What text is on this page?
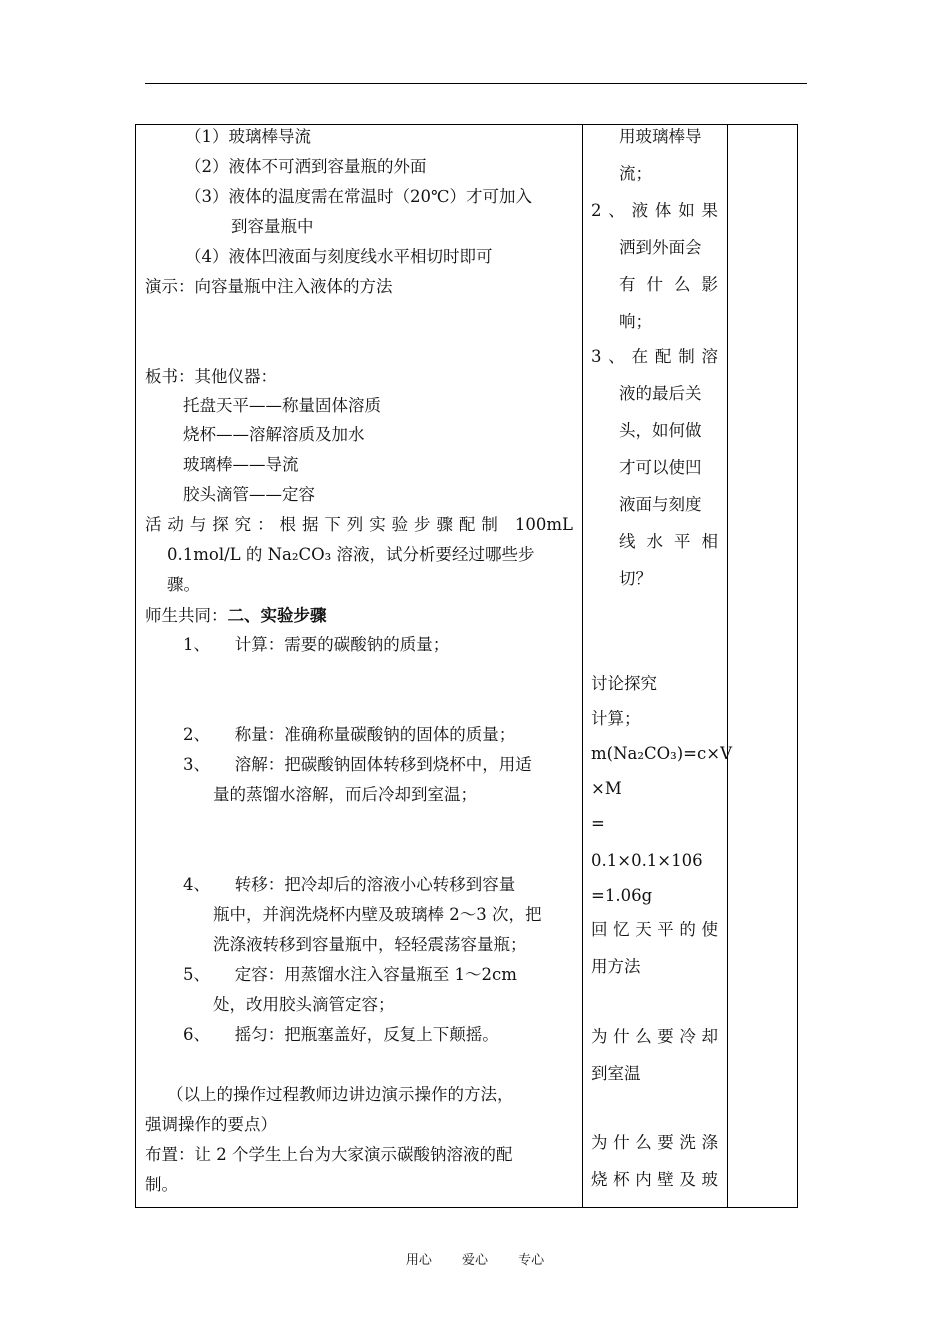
（1）玻璃棒导流
（2）液体不可洒到容量瓶的外面
（3）液体的温度需在常温时（20℃）才可加入
到容量瓶中
（4）液体凹液面与刻度线水平相切时即可
演示：向容量瓶中注入液体的方法
板书：其他仪器：
托盘天平——称量固体溶质
烧杯——溶解溶质及加水
玻璃棒——导流
胶头滴管——定容
活动与探究：根据下列实验步骤配制 100mL
0.1mol/L 的 Na₂CO₃ 溶液，试分析要经过哪些步
骤。
师生共同：二、实验步骤
1、　　计算：需要的碳酸钠的质量；
2、　　称量：准确称量碳酸钠的固体的质量；
3、　　溶解：把碳酸钠固体转移到烧杯中，用适
量的蒸馏水溶解，而后冷却到室温；
4、　　转移：把冷却后的溶液小心转移到容量
瓶中，并润洗烧杯内壁及玻璃棒 2～3 次，把
洗涤液转移到容量瓶中，轻轻震荡容量瓶；
5、　　定容：用蒸馏水注入容量瓶至 1～2cm
处，改用胶头滴管定容；
6、　　摇匀：把瓶塞盖好，反复上下颠摇。
（以上的操作过程教师边讲边演示操作的方法，
强调操作的要点）
布置：让 2 个学生上台为大家演示碳酸钠溶液的配
制。
用玻璃棒导
流；
2、液体如果
洒到外面会
有什么影
响；
3、在配制溶
液的最后关
头，如何做
才可以使凹
液面与刻度
线水平相
切？
讨论探究
计算；
m(Na₂CO₃)=c×V
×M
=
0.1×0.1×106
=1.06g
回忆天平的使
用方法
为什么要冷却
到室温
为什么要洗涤
烧杯内壁及玻
用心 爱心 专心
